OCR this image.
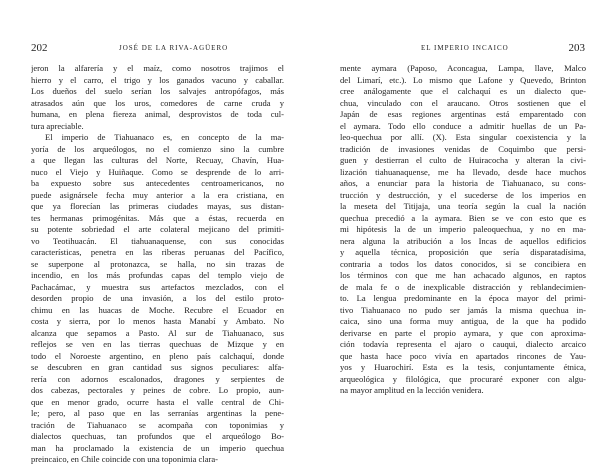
202	JOSÉ DE LA RIVA-AGÜERO
jeron la alfarería y el maíz, como nosotros trajimos el
hierro y el carro, el trigo y los ganados vacuno y caballar.
Los dueños del suelo serían los salvajes antropófagos, más
atrasados aún que los uros, comedores de carne cruda y
humana, en plena fiereza animal, desprovistos de toda cul-
tura apreciable.
El imperio de Tiahuanaco es, en concepto de la ma-
yoría de los arqueólogos, no el comienzo sino la cumbre
a que llegan las culturas del Norte, Recuay, Chavín, Hua-
nuco el Viejo y Huiñaque. Como se desprende de lo arri-
ba expuesto sobre sus antecedentes centroamericanos, no
puede asignársele fecha muy anterior a la era cristiana, en
que ya florecían las primeras ciudades mayas, sus distan-
tes hermanas primogénitas. Más que a éstas, recuerda en
su potente sobriedad el arte colateral mejicano del primiti-
vo Teotihuacán. El tiahuanaquense, con sus conocidas
características, penetra en las riberas peruanas del Pacífico,
se superpone al protonazca, se halla, no sin trazas de
incendio, en los más profundas capas del templo viejo de
Pachacámac, y muestra sus artefactos mezclados, con el
desorden propio de una invasión, a los del estilo proto-
chimu en las huacas de Moche. Recubre el Ecuador en
costa y sierra, por lo menos hasta Manabí y Ambato. No
alcanza que sepamos a Pasto. Al sur de Tiahuanaco, sus
reflejos se ven en las tierras quechuas de Mizque y en
todo el Noroeste argentino, en pleno país calchaquí, donde
se descubren en gran cantidad sus signos peculiares: alfa-
rería con adornos escalonados, dragones y serpientes de
dos cabezas, pectorales y peines de cobre. Lo propio, aun-
que en menor grado, ocurre hasta el valle central de Chi-
le; pero, al paso que en las serranías argentinas la pene-
tración de Tiahuanaco se acompaña con toponimias y
dialectos quechuas, tan profundos que el arqueólogo Bo-
man ha proclamado la existencia de un imperio quechua
preincaico, en Chile coincide con una toponimia clara-
EL IMPERIO INCAICO	203
mente aymara (Paposo, Aconcagua, Lampa, llave, Malco
del Limarí, etc.). Lo mismo que Lafone y Quevedo, Brinton
cree análogamente que el calchaquí es un dialecto que-
chua, vinculado con el araucano. Otros sostienen que el
Japán de esas regiones argentinas está emparentado con
el aymara. Todo ello conduce a admitir huellas de un Pa-
leo-quechua por allí. (X). Esta singular coexistencia y la
tradición de invasiones venidas de Coquimbo que persi-
guen y destierran el culto de Huiracocha y alteran la civi-
lización tiahuanaquense, me ha llevado, desde hace muchos
años, a enunciar para la historia de Tiahuanaco, su cons-
trucción y destrucción, y el sucederse de los imperios en
la meseta del Titijaja, una teoría según la cual la nación
quechua precedió a la aymara. Bien se ve con esto que es
mi hipótesis la de un imperio paleoquechua, y no en ma-
nera alguna la atribución a los Incas de aquellos edificios
y aquella técnica, proposición que sería disparatadísima,
contraria a todos los datos conocidos, si se concibiera en
los términos con que me han achacado algunos, en raptos
de mala fe o de inexplicable distracción y reblandecimien-
to. La lengua predominante en la época mayor del primi-
tivo Tiahuanaco no pudo ser jamás la misma quechua in-
caica, sino una forma muy antigua, de la que ha podido
derivarse en parte el propio aymara, y que con aproxima-
ción todavía representa el ajaro o cauqui, dialecto arcaico
que hasta hace poco vivía en apartados rincones de Yau-
yos y Huarochirí. Esta es la tesis, conjuntamente étnica,
arqueológica y filológica, que procuraré exponer con algu-
na mayor amplitud en la lección venidera.
